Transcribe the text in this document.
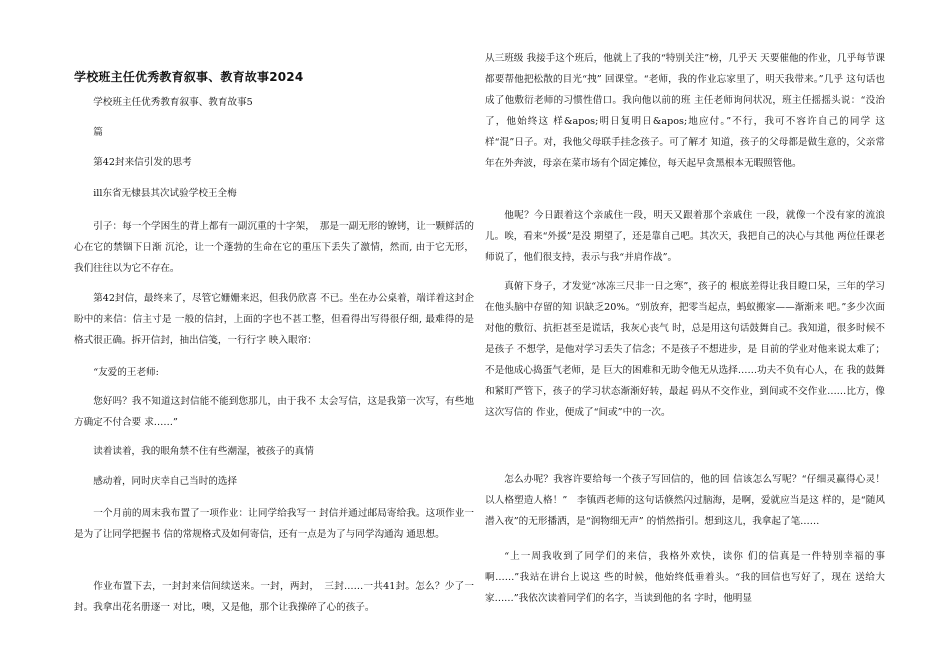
学校班主任优秀教育叙事、教育故事2024
学校班主任优秀教育叙事、教育故事5
篇
第42封来信引发的思考
ill东省无棣县其次试验学校王全梅
引子：每一个学困生的背上都有一副沉重的十字架，　那是一副无形的镣铐，让一颗鲜活的心在它的禁锢下日渐 沉沦，让一个蓬勃的生命在它的重压下丢失了激情，然而, 由于它无形，我们往往以为它不存在。
第42封信，最终来了，尽管它姗姗来迟，但我仍欣喜 不已。坐在办公桌着，端详着这封企盼中的来信：信主寸是 一般的信封，上面的字也不甚工整，但看得出写得很仔细, 最难得的是格式很正确。拆开信封，抽出信笺，一行行字 映入眼帘：
“友爱的王老师:
您好吗？我不知道这封信能不能到您那儿，由于我不 太会写信，这是我第一次写，有些地方确定不付合要 求……”
读着读着，我的眼角禁不住有些潮湿，被孩子的真情
感动着，同时庆幸自己当时的选择
一个月前的周末我布置了一项作业：让同学给我写一 封信并通过邮局寄给我。这项作业一是为了让同学把握书 信的常规格式及如何寄信，还有一点是为了与同学沟通沟 通思想。
作业布置下去，一封封来信间续送来。一封，两封，　三封……一共41封。怎么？少了一封。我拿出花名册逐一 对比，噢，又是他，那个让我操碎了心的孩子。
从三班级 我接手这个班后，他就上了我的“特别关注”榜，几乎天 天要催他的作业，几乎每节课都要帮他把松散的目光“拽” 回课堂。“老师，我的作业忘家里了，明天我带来。”几乎 这句话也成了他敷衍老师的习惯性借口。我向他以前的班 主任老师询问状况，班主任摇摇头说：“没治了，他始终这 样&apos;明日复明日&apos;地应付。”不行，我可不容许自己的同学 这样“混”日子。对，我他父母联手挂念孩子。可了解才 知道，孩子的父母都是做生意的，父亲常年在外奔波，母亲在菜市场有个固定摊位，每天起早贪黑根本无暇照管他。
他呢？今日跟着这个亲戚住一段，明天又跟着那个亲戚住 一段，就像一个没有家的流浪儿。唉，看来“外援”是没 期望了，还是靠自己吧。其次天，我把自己的决心与其他 两位任课老师说了，他们很支持，表示与我“并肩作战”。
真俯下身子，才发觉“冰冻三尺非一日之寒”，孩子的 根底差得让我目瞪口呆，三年的学习在他头脑中存留的知 识缺乏20%。“别放弃，把零当起点，蚂蚁搬家——渐渐来 吧。”多少次面对他的敷衍、抗拒甚至是谎话，我灰心丧气 时，总是用这句话鼓舞自己。我知道，很多时候不是孩子 不想学，是他对学习丢失了信念；不是孩子不想进步，是 目前的学业对他来说太难了；不是他成心捣蛋气老师，是 巨大的困难和无助令他无从选择……功夫不负有心人，在 我的鼓舞和紧盯严管下，孩子的学习状态渐渐好转，最起 码从不交作业，到间或不交作业……比方，像这次写信的 作业，便成了“间或”中的一次。
怎么办呢？我容许要给每一个孩子写回信的，他的回 信该怎么写呢？“仔细灵赢得心灵！以人格塑造人格！”　李镇西老师的这句话倏然闪过脑海，是啊，爱就应当是这 样的，是“随风潜入夜”的无形播洒，是“润物细无声” 的悄然指引。想到这儿，我拿起了笔……
“上一周我收到了同学们的来信，我格外欢快，读你 们的信真是一件特别幸福的事啊……”我站在讲台上说这 些的时候，他始终低垂着头。“我的回信也写好了，现在 送给大家……”我依次读着同学们的名字，当读到他的名 字时，他明显
